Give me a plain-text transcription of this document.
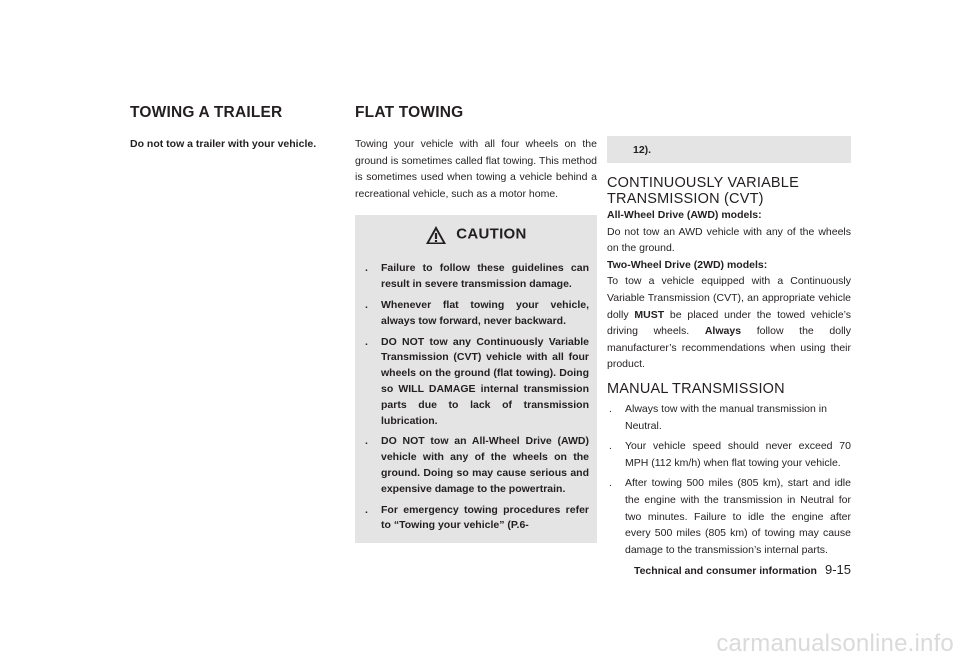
TOWING A TRAILER

Do not tow a trailer with your vehicle.

FLAT TOWING

Towing your vehicle with all four wheels on the ground is sometimes called flat towing. This method is sometimes used when towing a vehicle behind a recreational vehicle, such as a motor home.

CAUTION
. Failure to follow these guidelines can result in severe transmission damage.
. Whenever flat towing your vehicle, always tow forward, never backward.
. DO NOT tow any Continuously Variable Transmission (CVT) vehicle with all four wheels on the ground (flat towing). Doing so WILL DAMAGE internal transmission parts due to lack of transmission lubrication.
. DO NOT tow an All-Wheel Drive (AWD) vehicle with any of the wheels on the ground. Doing so may cause serious and expensive damage to the powertrain.
. For emergency towing procedures refer to “Towing your vehicle” (P.6-
12).
CONTINUOUSLY VARIABLE TRANSMISSION (CVT)

All-Wheel Drive (AWD) models:

Do not tow an AWD vehicle with any of the wheels on the ground.

Two-Wheel Drive (2WD) models:

To tow a vehicle equipped with a Continuously Variable Transmission (CVT), an appropriate vehicle dolly MUST be placed under the towed vehicle’s driving wheels. Always follow the dolly manufacturer’s recommendations when using their product.

MANUAL TRANSMISSION
. Always tow with the manual transmission in Neutral.
. Your vehicle speed should never exceed 70 MPH (112 km/h) when flat towing your vehicle.
. After towing 500 miles (805 km), start and idle the engine with the transmission in Neutral for two minutes. Failure to idle the engine after every 500 miles (805 km) of towing may cause damage to the transmission’s internal parts.
Technical and consumer information 9-15
carmanualsonline.info
